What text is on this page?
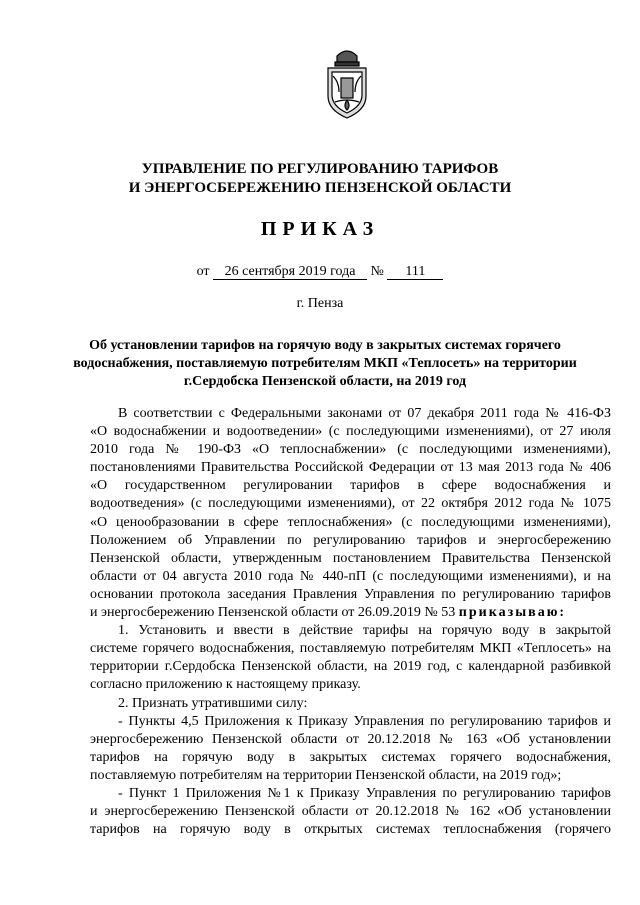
УПРАВЛЕНИЕ ПО РЕГУЛИРОВАНИЮ ТАРИФОВ
И ЭНЕРГОСБЕРЕЖЕНИЮ ПЕНЗЕНСКОЙ ОБЛАСТИ
ПРИКАЗ
от 26 сентября 2019 года № 111
г. Пенза
Об установлении тарифов на горячую воду в закрытых системах горячего
водоснабжения, поставляемую потребителям МКП «Теплосеть» на территории
г.Сердобска Пензенской области, на 2019 год
В соответствии с Федеральными законами от 07 декабря 2011 года № 416-ФЗ
«О водоснабжении и водоотведении» (с последующими изменениями), от 27 июля
2010 года № 190-ФЗ «О теплоснабжении» (с последующими изменениями),
постановлениями Правительства Российской Федерации от 13 мая 2013 года № 406
«О государственном регулировании тарифов в сфере водоснабжения и
водоотведения» (с последующими изменениями), от 22 октября 2012 года № 1075
«О ценообразовании в сфере теплоснабжения» (с последующими изменениями),
Положением об Управлении по регулированию тарифов и энергосбережению
Пензенской области, утвержденным постановлением Правительства Пензенской
области от 04 августа 2010 года № 440-пП (с последующими изменениями), и на
основании протокола заседания Правления Управления по регулированию тарифов
и энергосбережению Пензенской области от 26.09.2019 № 53 приказываю:
1. Установить и ввести в действие тарифы на горячую воду в закрытой
системе горячего водоснабжения, поставляемую потребителям МКП «Теплосеть» на
территории г.Сердобска Пензенской области, на 2019 год, с календарной разбивкой
согласно приложению к настоящему приказу.
2. Признать утратившими силу:
- Пункты 4,5 Приложения к Приказу Управления по регулированию тарифов и
энергосбережению Пензенской области от 20.12.2018 № 163 «Об установлении
тарифов на горячую воду в закрытых системах горячего водоснабжения,
поставляемую потребителям на территории Пензенской области, на 2019 год»;
- Пункт 1 Приложения №1 к Приказу Управления по регулированию тарифов
и энергосбережению Пензенской области от 20.12.2018 № 162 «Об установлении
тарифов на горячую воду в открытых системах теплоснабжения (горячего
